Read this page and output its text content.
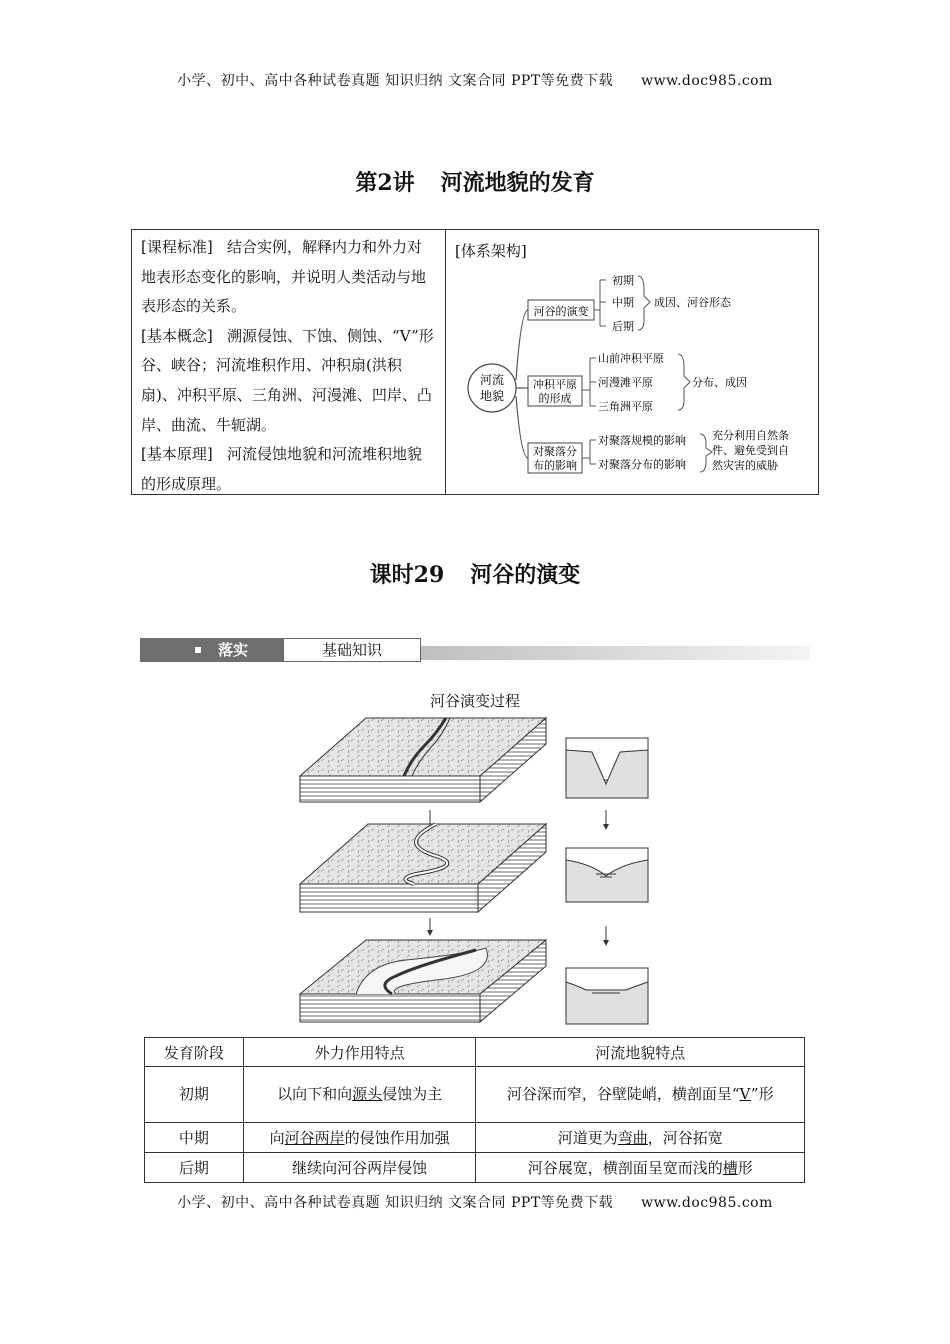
小学、初中、高中各种试卷真题 知识归纳 文案合同 PPT等免费下载 www.doc985.com
第2讲 河流地貌的发育
[课程标准] 结合实例，解释内力和外力对地表形态变化的影响，并说明人类活动与地表形态的关系。
[基本概念] 溯源侵蚀、下蚀、侧蚀、“V”形谷、峡谷；河流堆积作用、冲积扇(洪积扇)、冲积平原、三角洲、河漫滩、凹岸、凸岸、曲流、牛轭湖。
[基本原理] 河流侵蚀地貌和河流堆积地貌的形成原理。
[体系架构]
河流
地貌
河谷的演变
初期
中期
后期
成因、河谷形态
冲积平原
的形成
山前冲积平原
河漫滩平原
三角洲平原
分布、成因
对聚落分
布的影响
对聚落规模的影响
对聚落分布的影响
充分利用自然条
件、避免受到自
然灾害的威胁
课时29 河谷的演变
落实	基础知识
河谷演变过程
发育阶段	外力作用特点	河流地貌特点
初期	以向下和向源头侵蚀为主	河谷深而窄，谷壁陡峭，横剖面呈“V”形
中期	向河谷两岸的侵蚀作用加强	河道更为弯曲，河谷拓宽
后期	继续向河谷两岸侵蚀	河谷展宽，横剖面呈宽而浅的槽形
小学、初中、高中各种试卷真题 知识归纳 文案合同 PPT等免费下载 www.doc985.com
